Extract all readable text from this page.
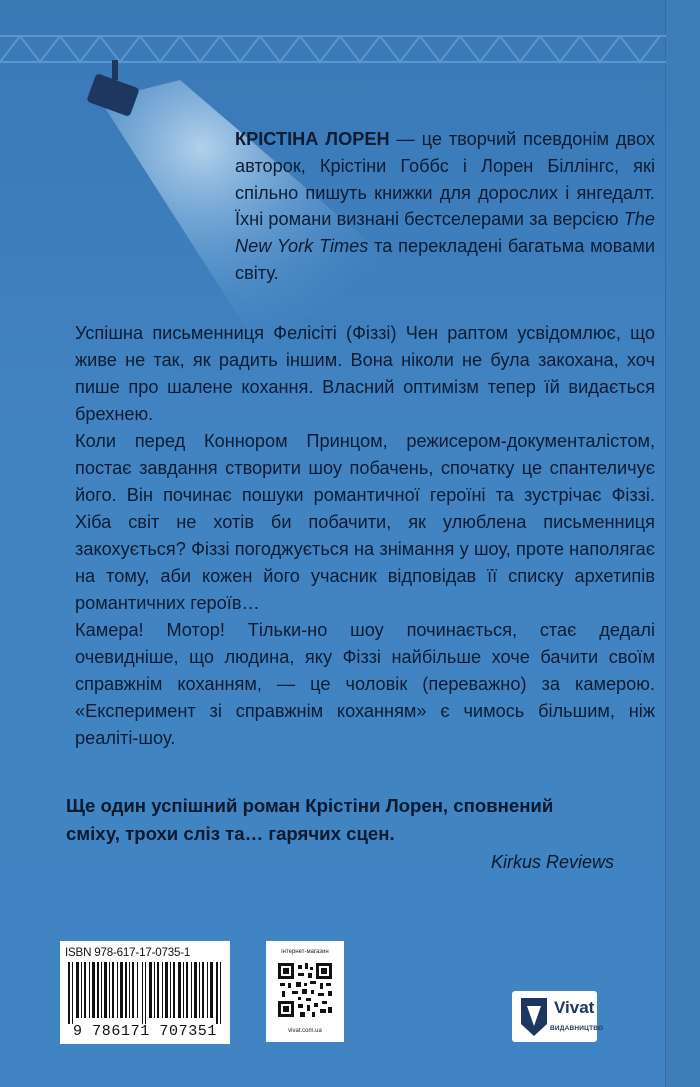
КРІСТІНА ЛОРЕН — це творчий псевдонім двох авторок, Крістіни Гоббс і Лорен Біллінгс, які спільно пишуть книжки для дорослих і янгедалт. Їхні романи визнані бестселерами за версією The New York Times та перекладені багатьма мовами світу.

Успішна письменниця Фелісіті (Фіззі) Чен раптом усвідомлює, що живе не так, як радить іншим. Вона ніколи не була закохана, хоч пише про шалене кохання. Власний оптимізм тепер їй видається брехнею.

Коли перед Коннором Принцом, режисером-документалістом, постає завдання створити шоу побачень, спочатку це спантеличує його. Він починає пошуки романтичної героїні та зустрічає Фіззі. Хіба світ не хотів би побачити, як улюблена письменниця закохується? Фіззі погоджується на знімання у шоу, проте наполягає на тому, аби кожен його учасник відповідав її списку архетипів романтичних героїв…

Камера! Мотор! Тільки-но шоу починається, стає дедалі очевидніше, що людина, яку Фіззі найбільше хоче бачити своїм справжнім коханням, — це чоловік (переважно) за камерою. «Експеримент зі справжнім коханням» є чимось більшим, ніж реаліті-шоу.

Ще один успішний роман Крістіни Лорен, сповнений сміху, трохи сліз та… гарячих сцен.
Kirkus Reviews
ISBN 978-617-17-0735-1
9 786171 707351
інтернет-магазин
vivat.com.ua
Vivat
ВИДАВНИЦТВО
